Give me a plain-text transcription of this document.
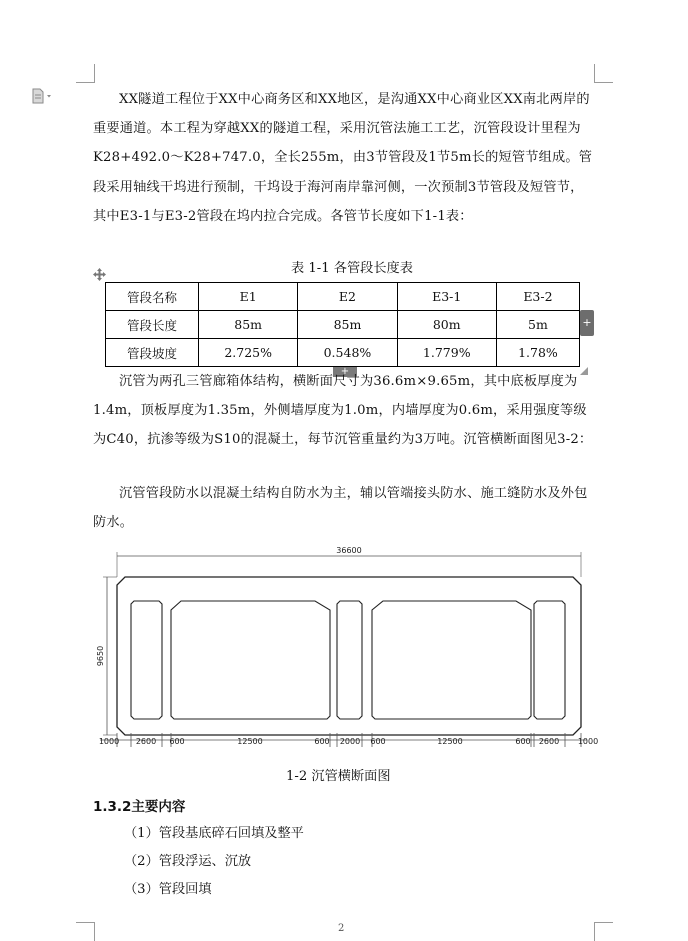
XX隧道工程位于XX中心商务区和XX地区，是沟通XX中心商业区XX南北两岸的重要通道。本工程为穿越XX的隧道工程，采用沉管法施工工艺，沉管段设计里程为K28+492.0～K28+747.0，全长255m，由3节管段及1节5m长的短管节组成。管段采用轴线干坞进行预制，干坞设于海河南岸靠河侧，一次预制3节管段及短管节，其中E3-1与E3-2管段在坞内拉合完成。各管节长度如下1-1表：

表 1-1 各管段长度表
管段名称	E1	E2	E3-1	E3-2
管段长度	85m	85m	80m	5m
管段坡度	2.725%	0.548%	1.779%	1.78%
+
+

沉管为两孔三管廊箱体结构，横断面尺寸为36.6m×9.65m，其中底板厚度为1.4m，顶板厚度为1.35m，外侧墙厚度为1.0m，内墙厚度为0.6m，采用强度等级为C40，抗渗等级为S10的混凝土，每节沉管重量约为3万吨。沉管横断面图见3-2：

沉管管段防水以混凝土结构自防水为主，辅以管端接头防水、施工缝防水及外包防水。

36600
9650
1000 2600 600	12500	600 2000 600	12500	600 2600 1000
1-2 沉管横断面图
1.3.2主要内容
（1）管段基底碎石回填及整平
（2）管段浮运、沉放
（3）管段回填
2
